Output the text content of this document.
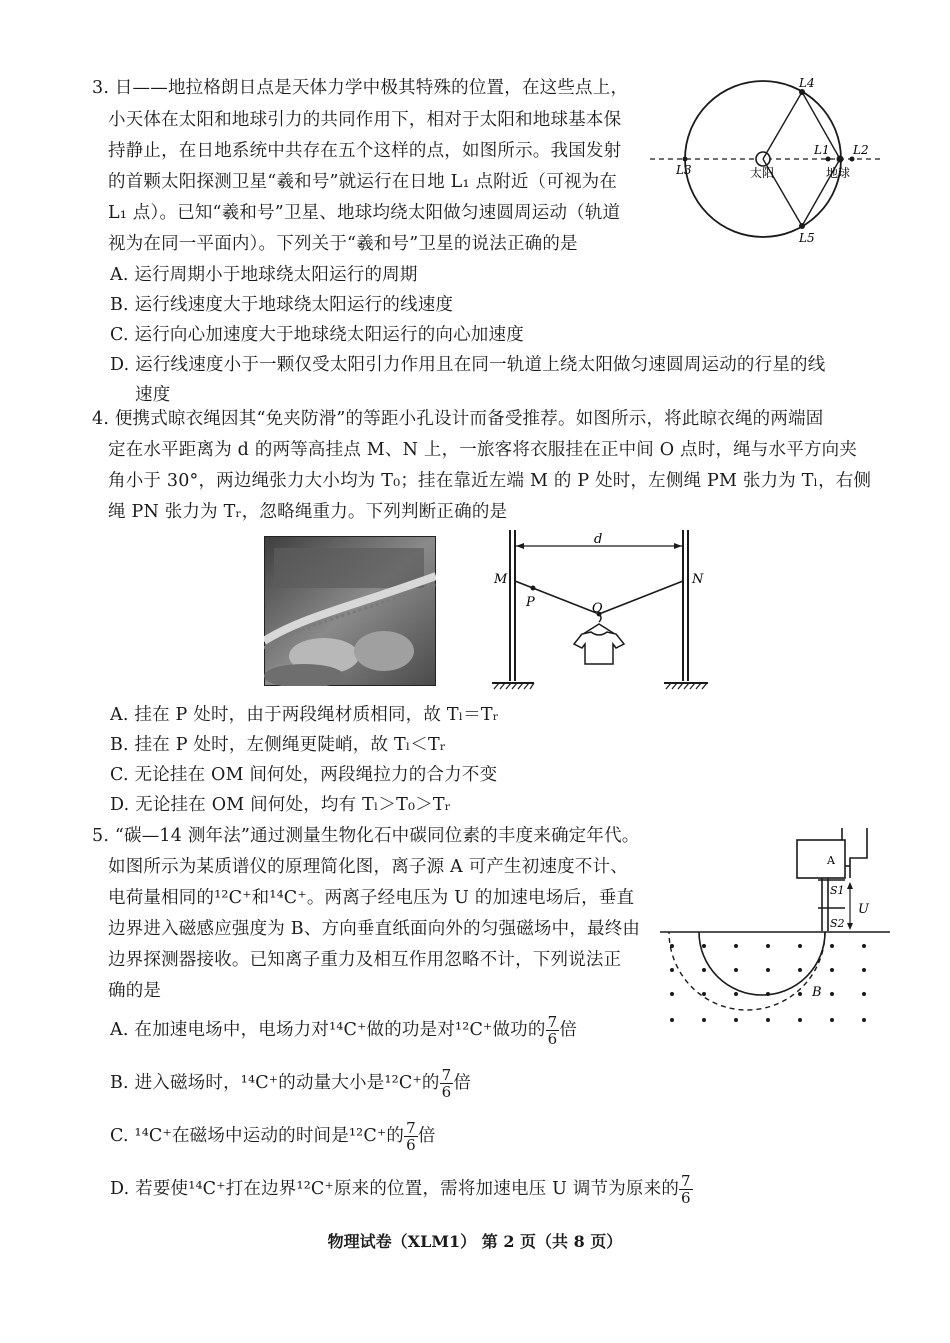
3. 日——地拉格朗日点是天体力学中极其特殊的位置，在这些点上，
小天体在太阳和地球引力的共同作用下，相对于太阳和地球基本保
持静止，在日地系统中共存在五个这样的点，如图所示。我国发射
的首颗太阳探测卫星“羲和号”就运行在日地 L₁ 点附近（可视为在
L₁ 点）。已知“羲和号”卫星、地球均绕太阳做匀速圆周运动（轨道
视为在同一平面内）。下列关于“羲和号”卫星的说法正确的是
A. 运行周期小于地球绕太阳运行的周期
B. 运行线速度大于地球绕太阳运行的线速度
C. 运行向心加速度大于地球绕太阳运行的向心加速度
D. 运行线速度小于一颗仅受太阳引力作用且在同一轨道上绕太阳做匀速圆周运动的行星的线
速度
L4
L5
L3
L1 L2
太阳	地球
4. 便携式晾衣绳因其“免夹防滑”的等距小孔设计而备受推荐。如图所示，将此晾衣绳的两端固
定在水平距离为 d 的两等高挂点 M、N 上，一旅客将衣服挂在正中间 O 点时，绳与水平方向夹
角小于 30°，两边绳张力大小均为 T₀；挂在靠近左端 M 的 P 处时，左侧绳 PM 张力为 Tₗ，右侧
绳 PN 张力为 Tᵣ，忽略绳重力。下列判断正确的是
d
M	N
P	O
A. 挂在 P 处时，由于两段绳材质相同，故 Tₗ＝Tᵣ
B. 挂在 P 处时，左侧绳更陡峭，故 Tₗ＜Tᵣ
C. 无论挂在 OM 间何处，两段绳拉力的合力不变
D. 无论挂在 OM 间何处，均有 Tₗ＞T₀＞Tᵣ
5. “碳—14 测年法”通过测量生物化石中碳同位素的丰度来确定年代。
如图所示为某质谱仪的原理简化图，离子源 A 可产生初速度不计、
电荷量相同的¹²C⁺和¹⁴C⁺。两离子经电压为 U 的加速电场后，垂直
边界进入磁感应强度为 B、方向垂直纸面向外的匀强磁场中，最终由
边界探测器接收。已知离子重力及相互作用忽略不计，下列说法正
确的是
A. 在加速电场中，电场力对¹⁴C⁺做的功是对¹²C⁺做功的 $\frac{7}{6}$ 倍
B. 进入磁场时，¹⁴C⁺的动量大小是¹²C⁺的 $\frac{7}{6}$ 倍
C. ¹⁴C⁺在磁场中运动的时间是¹²C⁺的 $\frac{7}{6}$ 倍
D. 若要使¹⁴C⁺打在边界¹²C⁺原来的位置，需将加速电压 U 调节为原来的 $\frac{7}{6}$
A
S1
S2
U
B
物理试卷（XLM1） 第 2 页（共 8 页）
